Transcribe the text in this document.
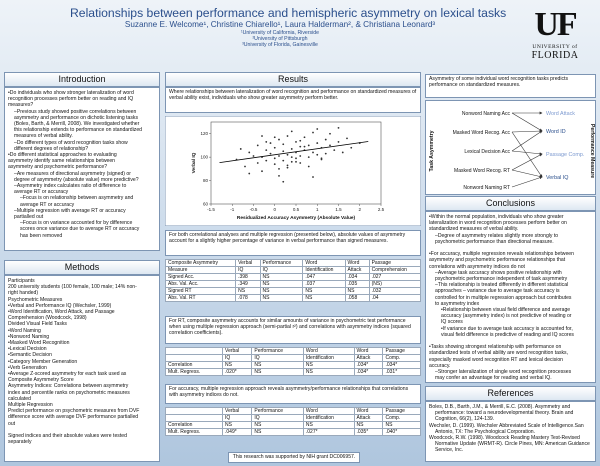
Relationships between performance and hemispheric asymmetry on lexical tasks
Suzanne E. Welcome¹, Christine Chiarello¹, Laura Halderman², & Christiana Leonard³
¹University of California, Riverside
²University of Pittsburgh
³University of Florida, Gainesville
UF
UNIVERSITY of
FLORIDA
Introduction
•Do individuals who show stronger lateralization of word
recognition processes perform better on reading and IQ
measures?
–Previous study showed positive correlations between
asymmetry and performance on dichotic listening tasks
(Boles, Barth, & Merrill, 2008). We investigated whether
this relationship extends to performance on standardized
measures of verbal ability.
–Do different types of word recognition tasks show
different degrees of relationship?
•Do different statistical approaches to evaluating
asymmetry identify same relationships between
asymmetry and psychometric performance?
–Are measures of directional asymmetry (signed) or
degree of asymmetry (absolute value) more predictive?
–Asymmetry index calculates ratio of difference to
average RT or accuracy
–Focus is on relationship between asymmetry and
average RT or accuracy
–Multiple regression with average RT or accuracy
partialled out
–Focus is on variance accounted for by difference
scores once variance due to average RT or accuracy
has been removed
Methods
Participants
200 university students (100 female, 100 male; 14% non-
right handed)
Psychometric Measures
•Verbal and Performance IQ (Wechsler, 1999)
•Word Identification, Word Attack, and Passage
Comprehension (Woodcock, 1998)
Divided Visual Field Tasks
•Word Naming
•Nonword Naming
•Masked Word Recognition
•Lexical Decision
•Semantic Decision
•Category Member Generation
•Verb Generation
•Average Z-scored asymmetry for each task used as
Composite Asymmetry Score
Asymmetry Indices: Correlations between asymmetry
index and percentile ranks on psychometric measures
calculated
Multiple Regression
Predict performance on psychometric measures from DVF
difference score with average DVF performance partialled
out

Signed indices and their absolute values were tested
separately
Results
Where relationships between lateralization of word recognition and performance on standardized measures of verbal ability exist, individuals who show greater asymmetry perform better.
60
80
100
120
-1.5	-1	-0.5	0	0.5	1	1.5	2	2.5
Residualized Accuracy Asymmetry (Absolute Value)
Verbal IQ
For both correlational analyses and multiple regression (presented below), absolute values of asymmetry account for a slightly higher percentage of variance in verbal performance than signed measures.
Composite Asymmetry	Verbal	Performance	Word	Word	Passage
Measure	IQ	IQ	Identification	Attack	Comprehension
Signed Acc.	.398	NS	.047	.034	.027
Abs. Val. Acc.	.349	NS	.037	.035	(NS)
Signed RT	NS	NS	NS	NS	.032
Abs. Val. RT	.078	NS	NS	.058	.04
For RT, composite asymmetry accounts for similar amounts of variance in psychometric test performance when using multiple regression approach (semi-partial r²) and correlations with asymmetry indices (squared correlation coefficients).
	Verbal	Performance	Word	Word	Passage
	IQ	IQ	Identification	Attack	Comp.
Correlation	NS	NS	NS	.034*	.034*
Mult. Regress.	.020*	NS	NS	.034*	.031*
For accuracy, multiple regression approach reveals asymmetry/performance relationships that correlations with asymmetry indices do not.
	Verbal	Performance	Word	Word	Passage
	IQ	IQ	Identification	Attack	Comp.
Correlation	NS	NS	NS	NS	NS
Mult. Regress.	.049*	NS	.027*	.035*	.040*
This research was supported by NIH grant DC006957.
Task Asymmetry	Performance Measure
Nonword Naming Acc
Masked Word Recog. Acc
Lexical Decision Acc
Masked Word Recog. RT
Nonword Naming RT
Word Attack
Word ID
Passage Comp.
Verbal IQ
Asymmetry of some individual word recognition tasks predicts performance on standardized measures.
Conclusions
•Within the normal population, individuals who show greater
lateralization in word recognition processes perform better on
standardized measures of verbal ability.
–Degree of asymmetry relates slightly more strongly to
psychometric performance than directional measure.

•For accuracy, multiple regression reveals relationships between
asymmetry and psychometric performance relationships that
correlations with asymmetry indices do not
–Average task accuracy shows positive relationship with
psychometric performance independent of task asymmetry
–This relationship is treated differently in different statistical
approaches – variance due to average task accuracy is
controlled for in multiple regression approach but contributes
to asymmetry index
•Relationship between visual field difference and average
accuracy (asymmetry index) is not predictive of reading or
IQ scores
•If variance due to average task accuracy is accounted for,
visual field difference is predictive of reading and IQ scores

•Tasks showing strongest relationship with performance on
standardized tests of verbal ability are word recognition tasks,
especially masked word recognition RT and lexical decision
accuracy.
–Stronger lateralization of single word recognition processes
may confer an advantage for reading and verbal IQ.
References
Boles, D.B., Barth, J.M., & Merrill, E.C. (2008). Asymmetry and
performance: toward a neurodevelopmental theory. Brain and
Cognition, 66(2), 124-139.
Wechsler, D. (1999). Wechsler Abbreviated Scale of Intelligence.San
Antonio, TX: The Psychological Corporation.
Woodcock, R.W. (1998). Woodcock Reading Mastery Test-Revised
Normative Update (WRMT-R). Circle Pines, MN: American Guidance
Service, Inc.
